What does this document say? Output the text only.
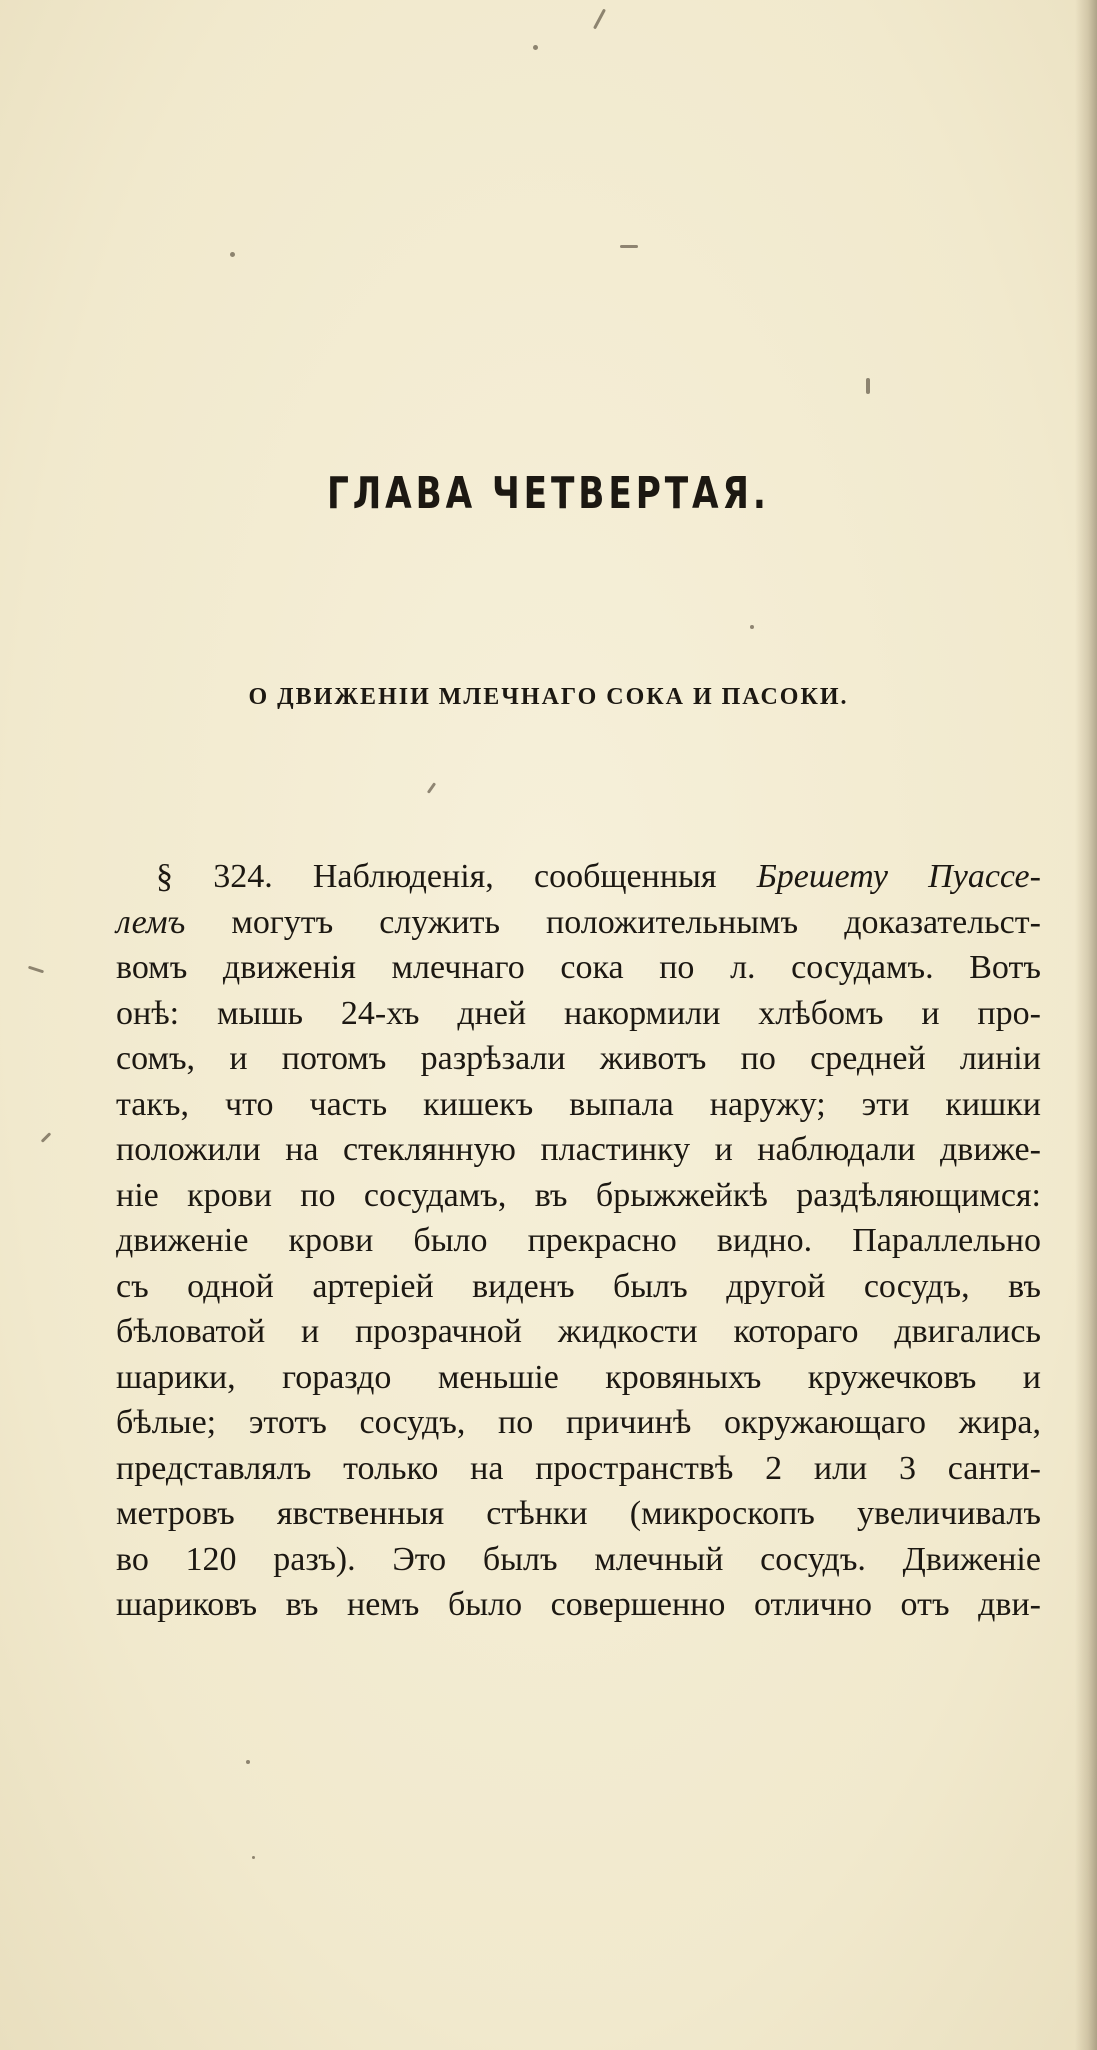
ГЛАВА ЧЕТВЕРТАЯ.
О ДВИЖЕНІИ МЛЕЧНАГО СОКА И ПАСОКИ.
§ 324. Наблюденія, сообщенныя Брешету Пуассе-
лемъ могутъ служить положительнымъ доказательст-
вомъ движенія млечнаго сока по л. сосудамъ. Вотъ
онѣ: мышь 24-хъ дней накормили хлѣбомъ и про-
сомъ, и потомъ разрѣзали животъ по средней линіи
такъ, что часть кишекъ выпала наружу; эти кишки
положили на стеклянную пластинку и наблюдали движе-
ніе крови по сосудамъ, въ брыжжейкѣ раздѣляющимся:
движеніе крови было прекрасно видно. Параллельно
съ одной артеріей виденъ былъ другой сосудъ, въ
бѣловатой и прозрачной жидкости котораго двигались
шарики, гораздо меньшіе кровяныхъ кружечковъ и
бѣлые; этотъ сосудъ, по причинѣ окружающаго жира,
представлялъ только на пространствѣ 2 или 3 санти-
метровъ явственныя стѣнки (микроскопъ увеличивалъ
во 120 разъ). Это былъ млечный сосудъ. Движеніе
шариковъ въ немъ было совершенно отлично отъ дви-
